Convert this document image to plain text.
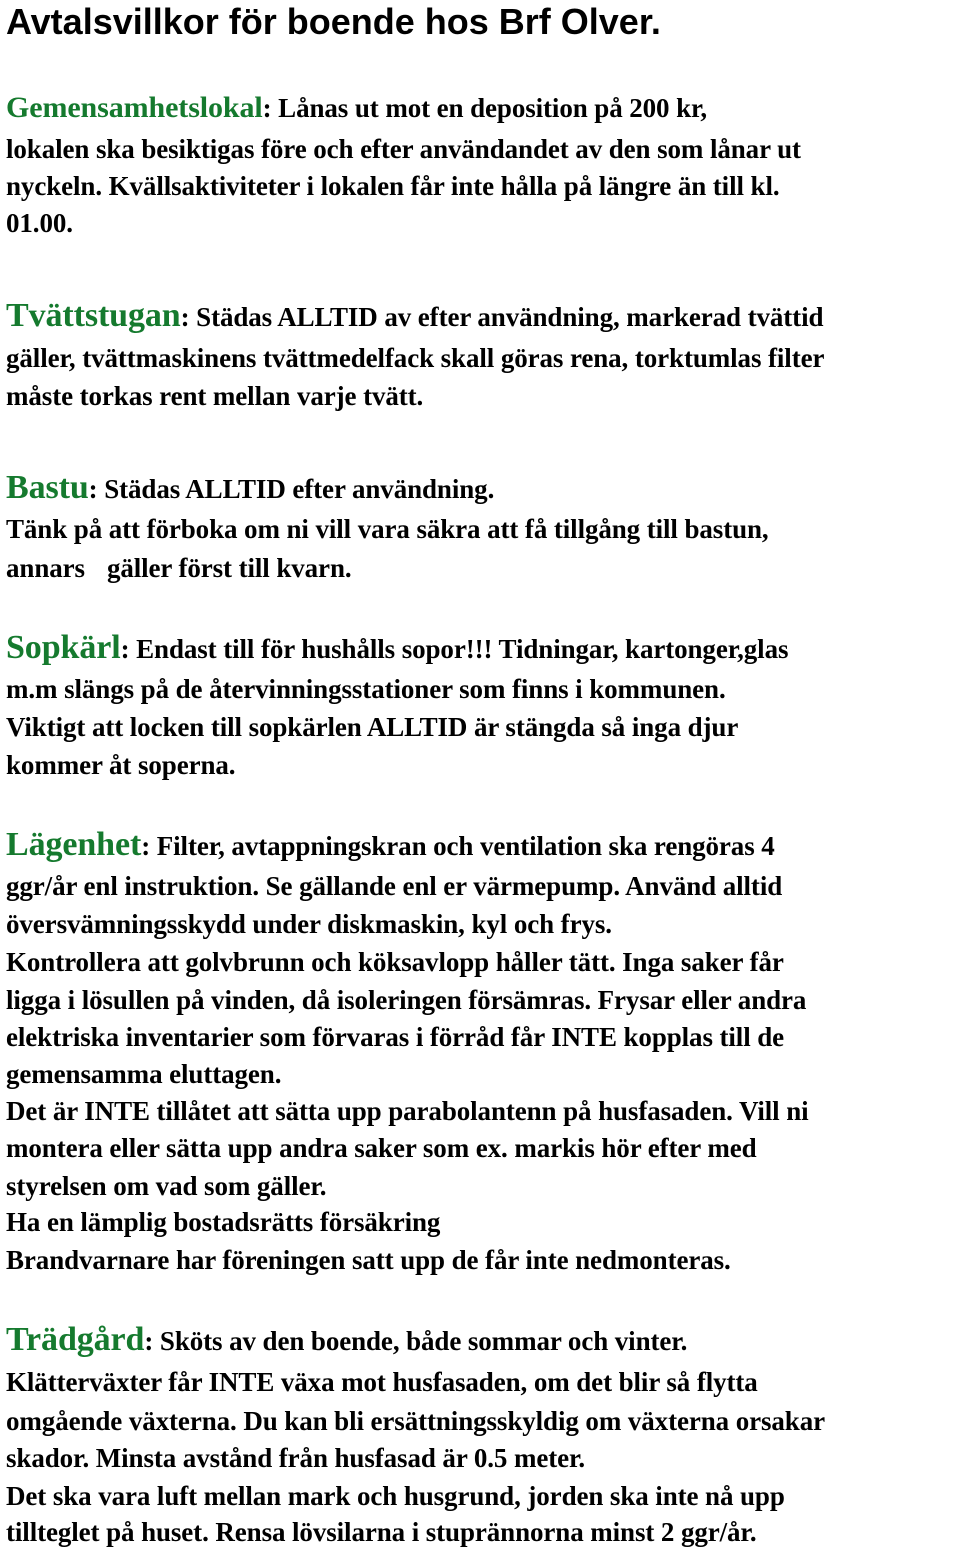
Avtalsvillkor för boende hos Brf Olver.

Gemensamhetslokal: Lånas ut mot en deposition på 200 kr,

lokalen ska besiktigas före och efter användandet av den som lånar ut

nyckeln. Kvällsaktiviteter i lokalen får inte hålla på längre än till kl.

01.00.

Tvättstugan: Städas ALLTID av efter användning, markerad tvättid

gäller, tvättmaskinens tvättmedelfack skall göras rena, torktumlas filter

måste torkas rent mellan varje tvätt.

Bastu: Städas ALLTID efter användning.

Tänk på att förboka om ni vill vara säkra att få tillgång till bastun,

annars gäller först till kvarn.

Sopkärl: Endast till för hushålls sopor!!! Tidningar, kartonger,glas

m.m slängs på de återvinningsstationer som finns i kommunen.

Viktigt att locken till sopkärlen ALLTID är stängda så inga djur

kommer åt soperna.

Lägenhet: Filter, avtappningskran och ventilation ska rengöras 4

ggr/år enl instruktion. Se gällande enl er värmepump. Använd alltid

översvämningsskydd under diskmaskin, kyl och frys.

Kontrollera att golvbrunn och köksavlopp håller tätt. Inga saker får

ligga i lösullen på vinden, då isoleringen försämras. Frysar eller andra

elektriska inventarier som förvaras i förråd får INTE kopplas till de

gemensamma eluttagen.

Det är INTE tillåtet att sätta upp parabolantenn på husfasaden. Vill ni

montera eller sätta upp andra saker som ex. markis hör efter med

styrelsen om vad som gäller.

Ha en lämplig bostadsrätts försäkring

Brandvarnare har föreningen satt upp de får inte nedmonteras.

Trädgård: Sköts av den boende, både sommar och vinter.

Klätterväxter får INTE växa mot husfasaden, om det blir så flytta

omgående växterna. Du kan bli ersättningsskyldig om växterna orsakar

skador. Minsta avstånd från husfasad är 0.5 meter.

Det ska vara luft mellan mark och husgrund, jorden ska inte nå upp

tillteglet på huset. Rensa lövsilarna i stuprännorna minst 2 ggr/år.
